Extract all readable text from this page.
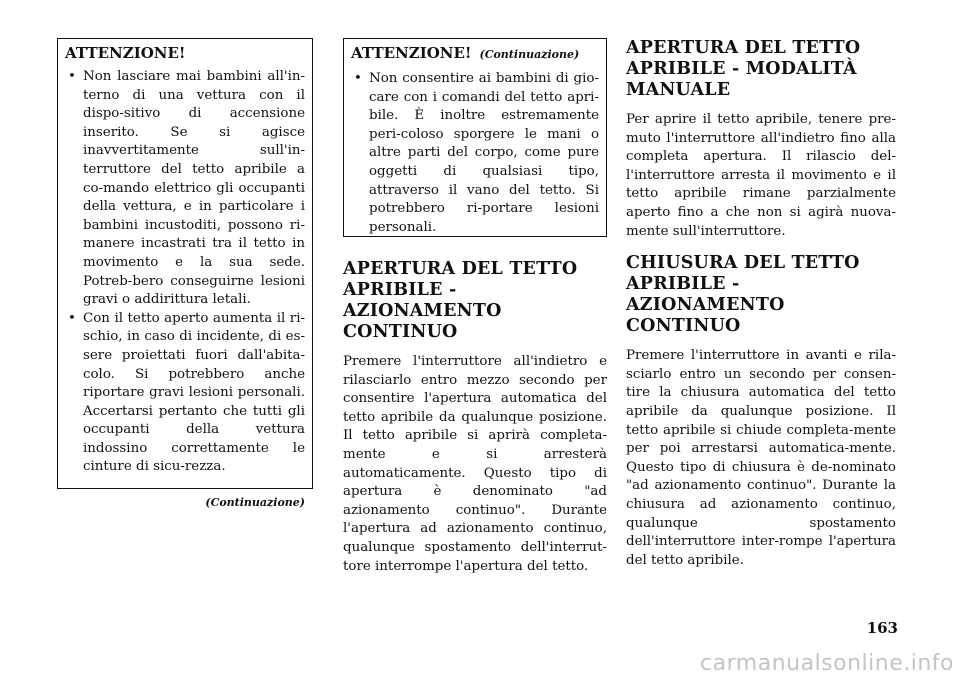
ATTENZIONE!
• Non lasciare mai bambini all'in-terno di una vettura con il dispo-sitivo di accensione inserito. Se si agisce inavvertitamente sull'in-terruttore del tetto apribile a co-mando elettrico gli occupanti della vettura, e in particolare i bambini incustoditi, possono ri-manere incastrati tra il tetto in movimento e la sua sede. Potreb-bero conseguirne lesioni gravi o addirittura letali.
• Con il tetto aperto aumenta il ri-schio, in caso di incidente, di es-sere proiettati fuori dall'abita-colo. Si potrebbero anche riportare gravi lesioni personali. Accertarsi pertanto che tutti gli occupanti della vettura indossino correttamente le cinture di sicu-rezza.
(Continuazione)
ATTENZIONE! (Continuazione)
• Non consentire ai bambini di gio-care con i comandi del tetto apri-bile. È inoltre estremamente peri-coloso sporgere le mani o altre parti del corpo, come pure oggetti di qualsiasi tipo, attraverso il vano del tetto. Si potrebbero ri-portare lesioni personali.
APERTURA DEL TETTO APRIBILE - AZIONAMENTO CONTINUO

Premere l'interruttore all'indietro e rilasciarlo entro mezzo secondo per consentire l'apertura automatica del tetto apribile da qualunque posizione. Il tetto apribile si aprirà completa-mente e si arresterà automaticamente. Questo tipo di apertura è denominato "ad azionamento continuo". Durante l'apertura ad azionamento continuo, qualunque spostamento dell'interrut-tore interrompe l'apertura del tetto.

APERTURA DEL TETTO APRIBILE - MODALITÀ MANUALE

Per aprire il tetto apribile, tenere pre-muto l'interruttore all'indietro fino alla completa apertura. Il rilascio del-l'interruttore arresta il movimento e il tetto apribile rimane parzialmente aperto fino a che non si agirà nuova-mente sull'interruttore.

CHIUSURA DEL TETTO APRIBILE - AZIONAMENTO CONTINUO

Premere l'interruttore in avanti e rila-sciarlo entro un secondo per consen-tire la chiusura automatica del tetto apribile da qualunque posizione. Il tetto apribile si chiude completa-mente per poi arrestarsi automatica-mente. Questo tipo di chiusura è de-nominato "ad azionamento continuo". Durante la chiusura ad azionamento continuo, qualunque spostamento dell'interruttore inter-rompe l'apertura del tetto apribile.

163
carmanualsonline.info
